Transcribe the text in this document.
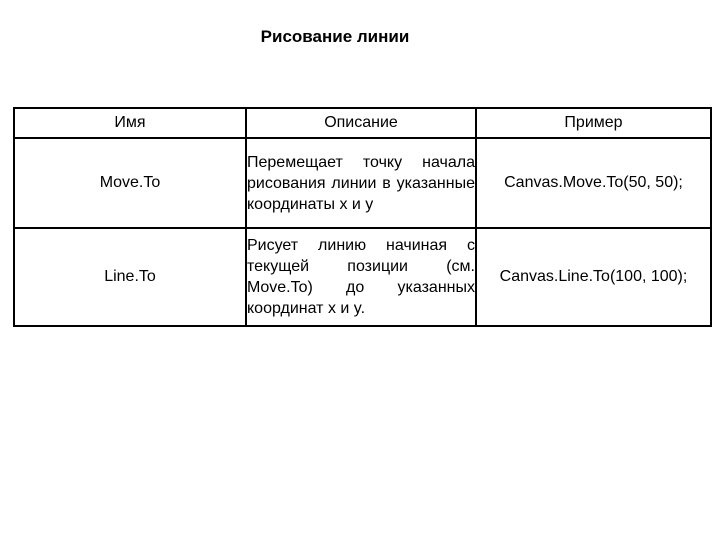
Рисование линии
Имя	Описание	Пример
Move.To	Перемещает точку начала рисования линии в указанные координаты x и y	Canvas.Move.To(50, 50);
Line.To	Рисует линию начиная с текущей позиции (см. Move.To) до указанных координат x и y.	Canvas.Line.To(100, 100);
